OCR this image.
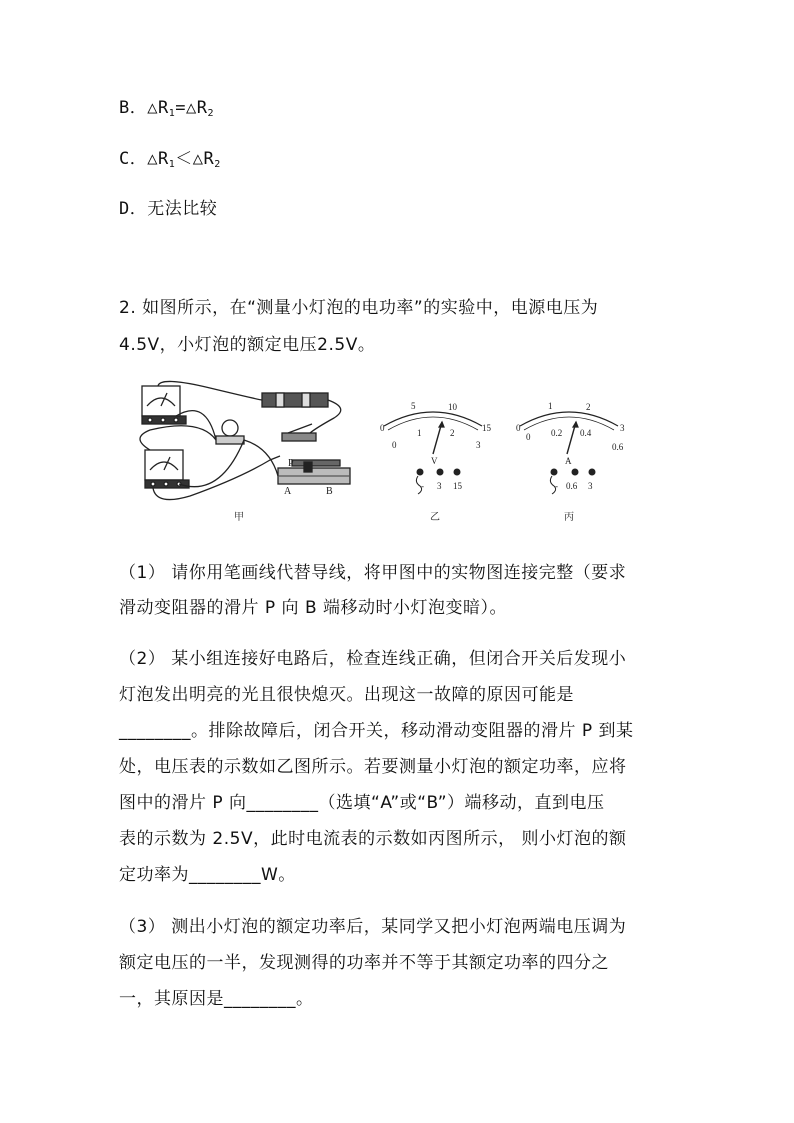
B．$\triangle R_1=\triangle R_2$
C．$\triangle R_1<\triangle R_2$
D．无法比较
2. 如图所示，在“测量小灯泡的电功率”的实验中，电源电压为
4.5V，小灯泡的额定电压2.5V。
P
A	B
甲
0
5	10
15
0
1	2
3
V
- 3 15
乙
0
1	2
3
0 0.2 0.4
0.6
A
- 0.6 3
丙
（1） 请你用笔画线代替导线，将甲图中的实物图连接完整（要求
滑动变阻器的滑片 P 向 B 端移动时小灯泡变暗）。
（2） 某小组连接好电路后，检查连线正确，但闭合开关后发现小
灯泡发出明亮的光且很快熄灭。出现这一故障的原因可能是
________。排除故障后，闭合开关，移动滑动变阻器的滑片 P 到某
处，电压表的示数如乙图所示。若要测量小灯泡的额定功率，应将
图中的滑片 P 向________（选填“A”或“B”）端移动，直到电压
表的示数为 2.5V，此时电流表的示数如丙图所示， 则小灯泡的额
定功率为________W。
（3） 测出小灯泡的额定功率后，某同学又把小灯泡两端电压调为
额定电压的一半，发现测得的功率并不等于其额定功率的四分之
一，其原因是________。
